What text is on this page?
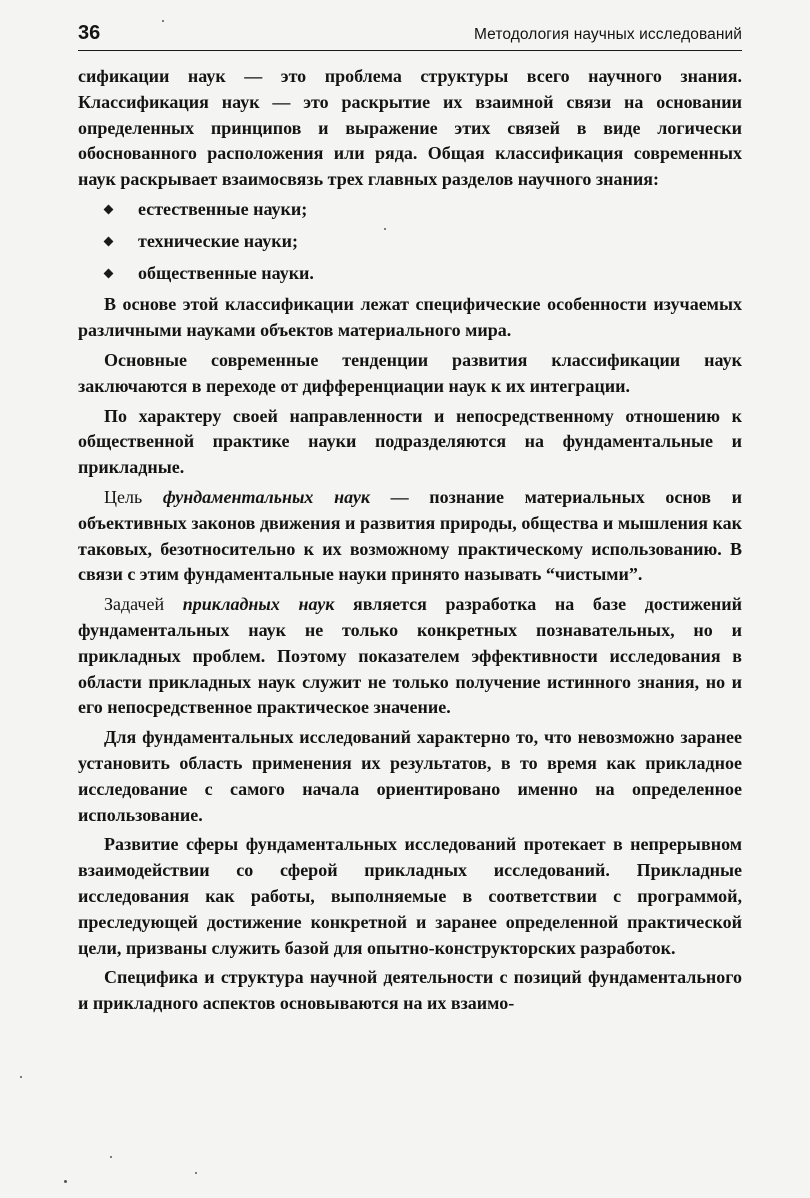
36	Методология научных исследований

сификации наук — это проблема структуры всего научного знания. Классификация наук — это раскрытие их взаимной связи на основании определенных принципов и выражение этих связей в виде логически обоснованного расположения или ряда. Общая классификация современных наук раскрывает взаимосвязь трех главных разделов научного знания:

естественные науки;
технические науки;
общественные науки.

В основе этой классификации лежат специфические особенности изучаемых различными науками объектов материального мира.

Основные современные тенденции развития классификации наук заключаются в переходе от дифференциации наук к их интеграции.

По характеру своей направленности и непосредственному отношению к общественной практике науки подразделяются на фундаментальные и прикладные.

Цель фундаментальных наук — познание материальных основ и объективных законов движения и развития природы, общества и мышления как таковых, безотносительно к их возможному практическому использованию. В связи с этим фундаментальные науки принято называть “чистыми”.

Задачей прикладных наук является разработка на базе достижений фундаментальных наук не только конкретных познавательных, но и прикладных проблем. Поэтому показателем эффективности исследования в области прикладных наук служит не только получение истинного знания, но и его непосредственное практическое значение.

Для фундаментальных исследований характерно то, что невозможно заранее установить область применения их результатов, в то время как прикладное исследование с самого начала ориентировано именно на определенное использование.

Развитие сферы фундаментальных исследований протекает в непрерывном взаимодействии со сферой прикладных исследований. Прикладные исследования как работы, выполняемые в соответствии с программой, преследующей достижение конкретной и заранее определенной практической цели, призваны служить базой для опытно-конструкторских разработок.

Специфика и структура научной деятельности с позиций фундаментального и прикладного аспектов основываются на их взаимо-
